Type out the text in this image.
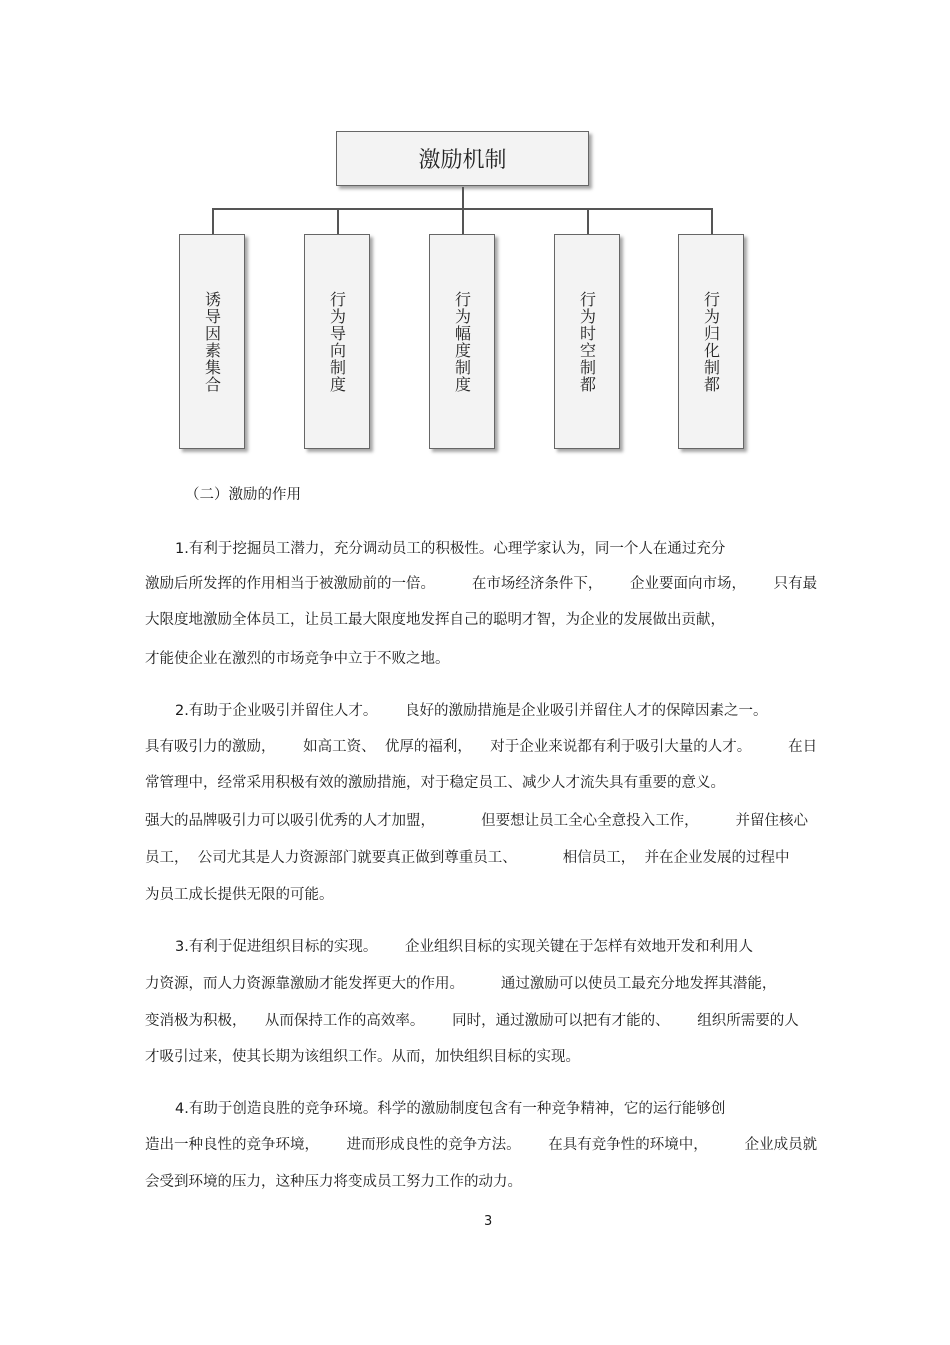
激励机制
诱导因素集合	行为导向制度	行为幅度制度	行为时空制都	行为归化制都
（二）激励的作用
1.有利于挖掘员工潜力，充分调动员工的积极性。心理学家认为，同一个人在通过充分
激励后所发挥的作用相当于被激励前的一倍。        在市场经济条件下，      企业要面向市场，      只有最
大限度地激励全体员工，让员工最大限度地发挥自己的聪明才智，为企业的发展做出贡献，
才能使企业在激烈的市场竞争中立于不败之地。
2.有助于企业吸引并留住人才。      良好的激励措施是企业吸引并留住人才的保障因素之一。
具有吸引力的激励，      如高工资、  优厚的福利，    对于企业来说都有利于吸引大量的人才。        在日
常管理中，经常采用积极有效的激励措施，对于稳定员工、减少人才流失具有重要的意义。
强大的品牌吸引力可以吸引优秀的人才加盟，          但要想让员工全心全意投入工作，        并留住核心
员工，  公司尤其是人力资源部门就要真正做到尊重员工、          相信员工，  并在企业发展的过程中
为员工成长提供无限的可能。
3.有利于促进组织目标的实现。      企业组织目标的实现关键在于怎样有效地开发和利用人
力资源，而人力资源靠激励才能发挥更大的作用。        通过激励可以使员工最充分地发挥其潜能，
变消极为积极，    从而保持工作的高效率。      同时，通过激励可以把有才能的、      组织所需要的人
才吸引过来，使其长期为该组织工作。从而，加快组织目标的实现。
4.有助于创造良胜的竞争环境。科学的激励制度包含有一种竞争精神，它的运行能够创
造出一种良性的竞争环境，      进而形成良性的竞争方法。      在具有竞争性的环境中，        企业成员就
会受到环境的压力，这种压力将变成员工努力工作的动力。
3
